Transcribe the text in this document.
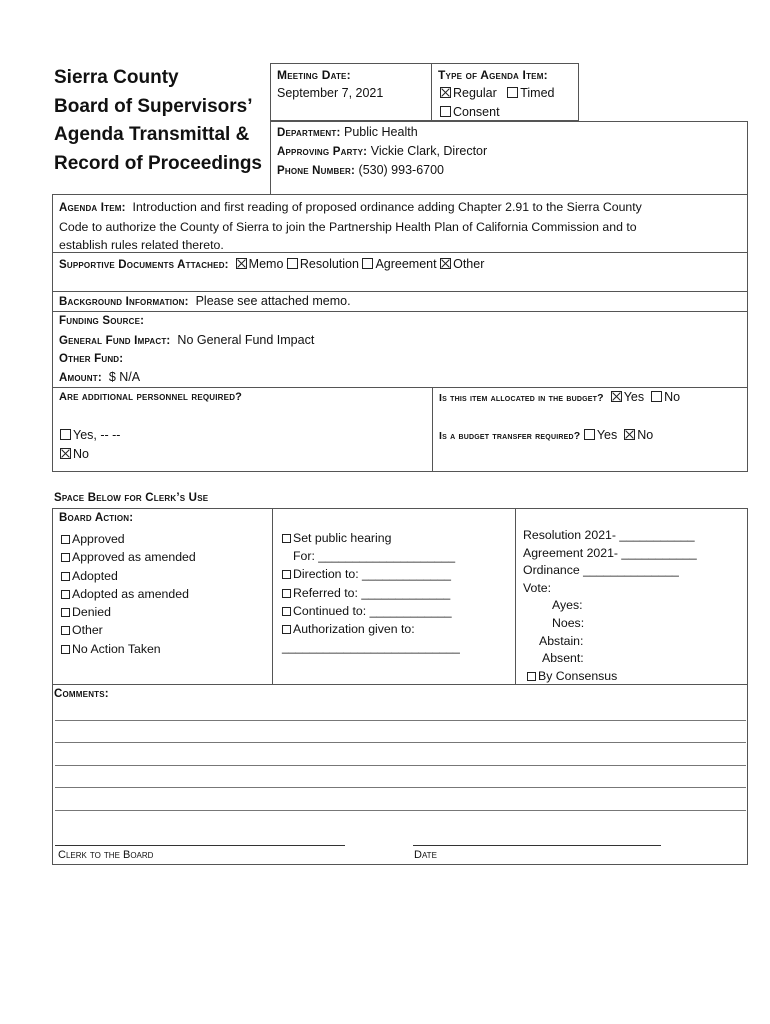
Sierra County
Board of Supervisors’
Agenda Transmittal &
Record of Proceedings
Meeting Date:
September 7, 2021
Type of Agenda Item:
Regular Timed
Consent
Department: Public Health
Approving Party: Vickie Clark, Director
Phone Number: (530) 993-6700
Agenda Item: Introduction and first reading of proposed ordinance adding Chapter 2.91 to the Sierra County
Code to authorize the County of Sierra to join the Partnership Health Plan of California Commission and to
establish rules related thereto.
Supportive Documents Attached: Memo Resolution Agreement Other
Background Information: Please see attached memo.
Funding Source:
General Fund Impact: No General Fund Impact
Other Fund:
Amount: $ N/A
Are additional personnel required?
Yes, -- --
No
Is this item allocated in the budget? Yes No
Is a budget transfer required? Yes No
Space Below for Clerk’s Use
Board Action:
Approved
Approved as amended
Adopted
Adopted as amended
Denied
Other
No Action Taken
Set public hearing
For: ____________________
Direction to: _____________
Referred to: _____________
Continued to: ____________
Authorization given to:
__________________________
Resolution 2021- ___________
Agreement 2021- ___________
Ordinance ______________
Vote:
Ayes:
Noes:
Abstain:
Absent:
By Consensus
Comments:
Clerk to the Board	Date
